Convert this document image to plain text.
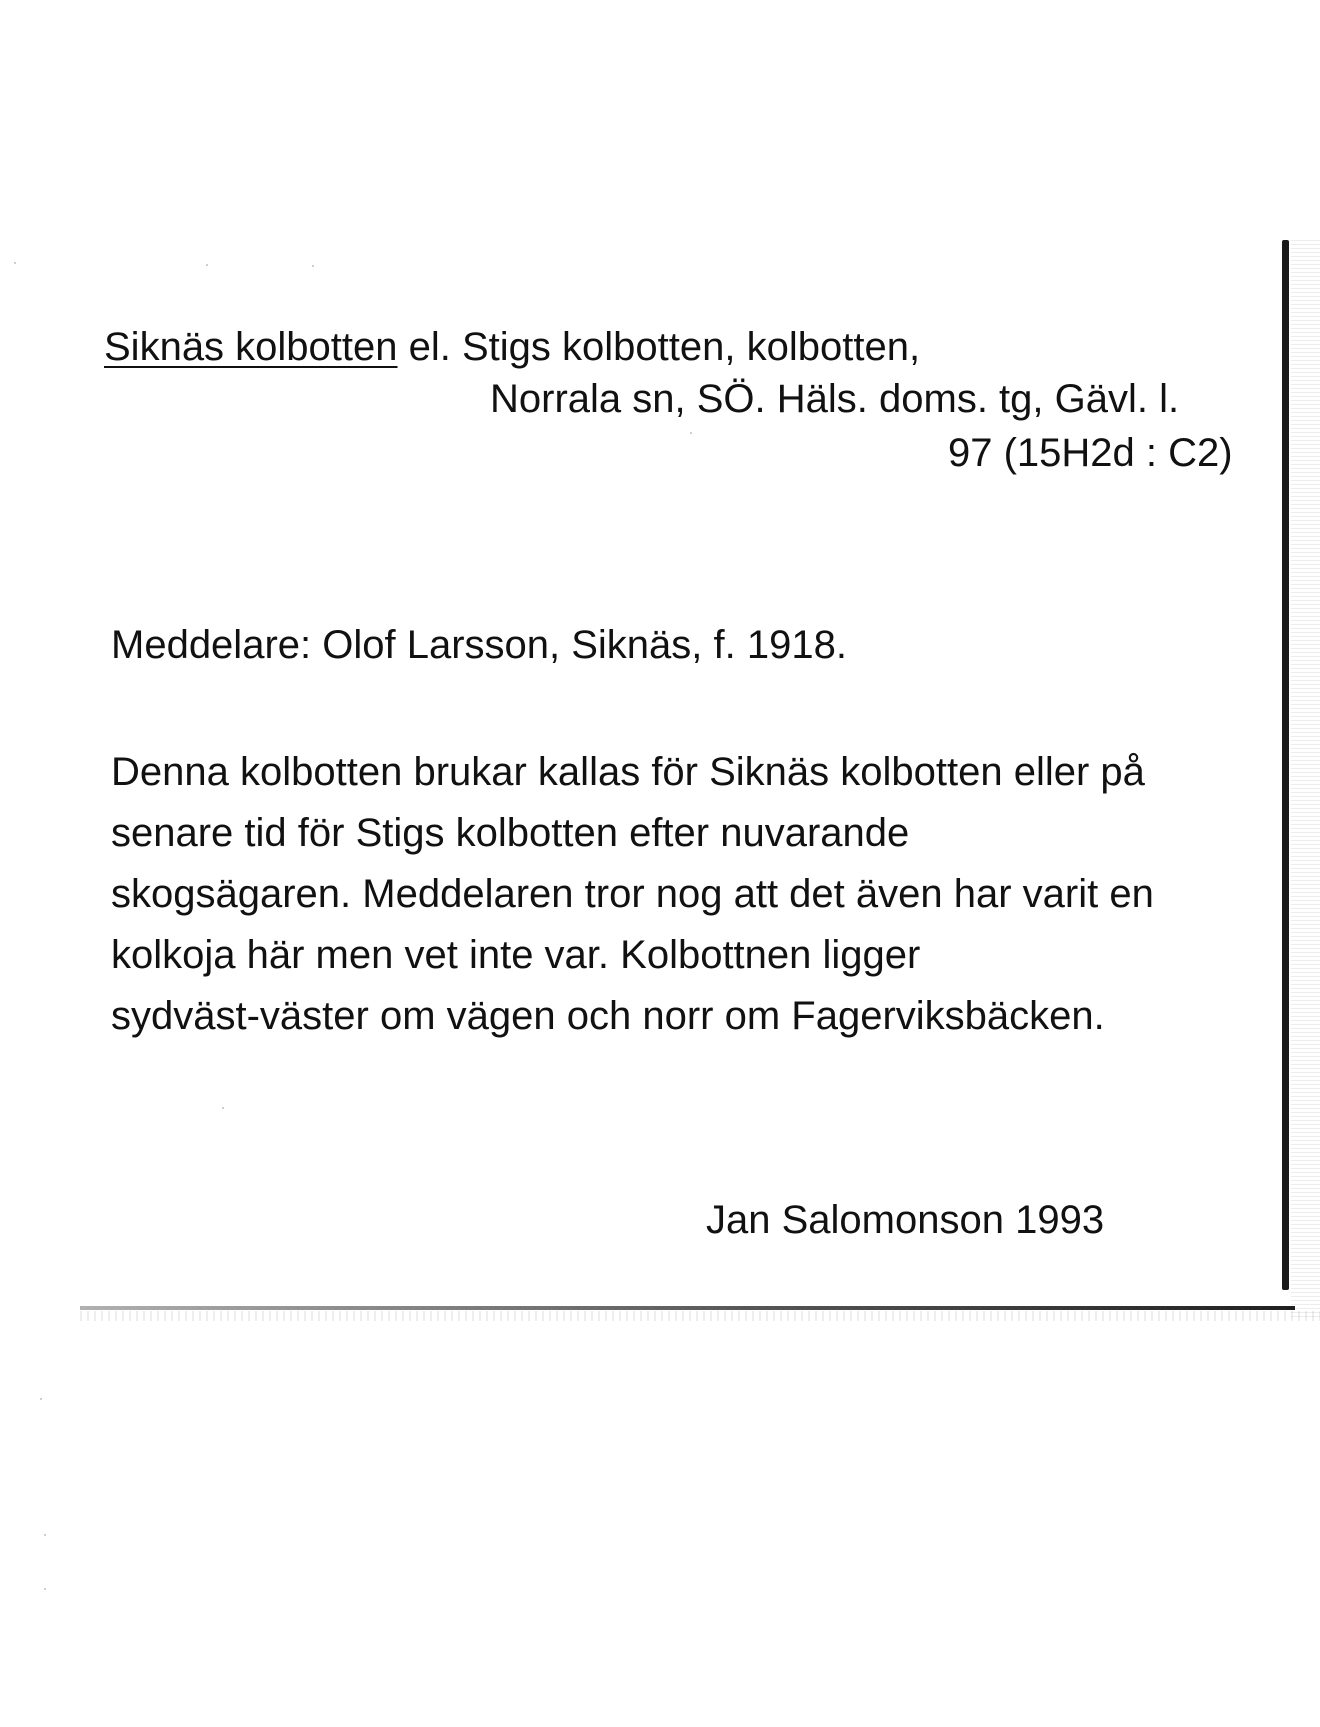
Siknäs kolbotten el. Stigs kolbotten, kolbotten,
Norrala sn, SÖ. Häls. doms. tg, Gävl. l.
97 (15H2d : C2)
Meddelare: Olof Larsson, Siknäs, f. 1918.
Denna kolbotten brukar kallas för Siknäs kolbotten eller på
senare tid för Stigs kolbotten efter nuvarande
skogsägaren. Meddelaren tror nog att det även har varit en
kolkoja här men vet inte var. Kolbottnen ligger
sydväst-väster om vägen och norr om Fagerviksbäcken.
Jan Salomonson 1993
